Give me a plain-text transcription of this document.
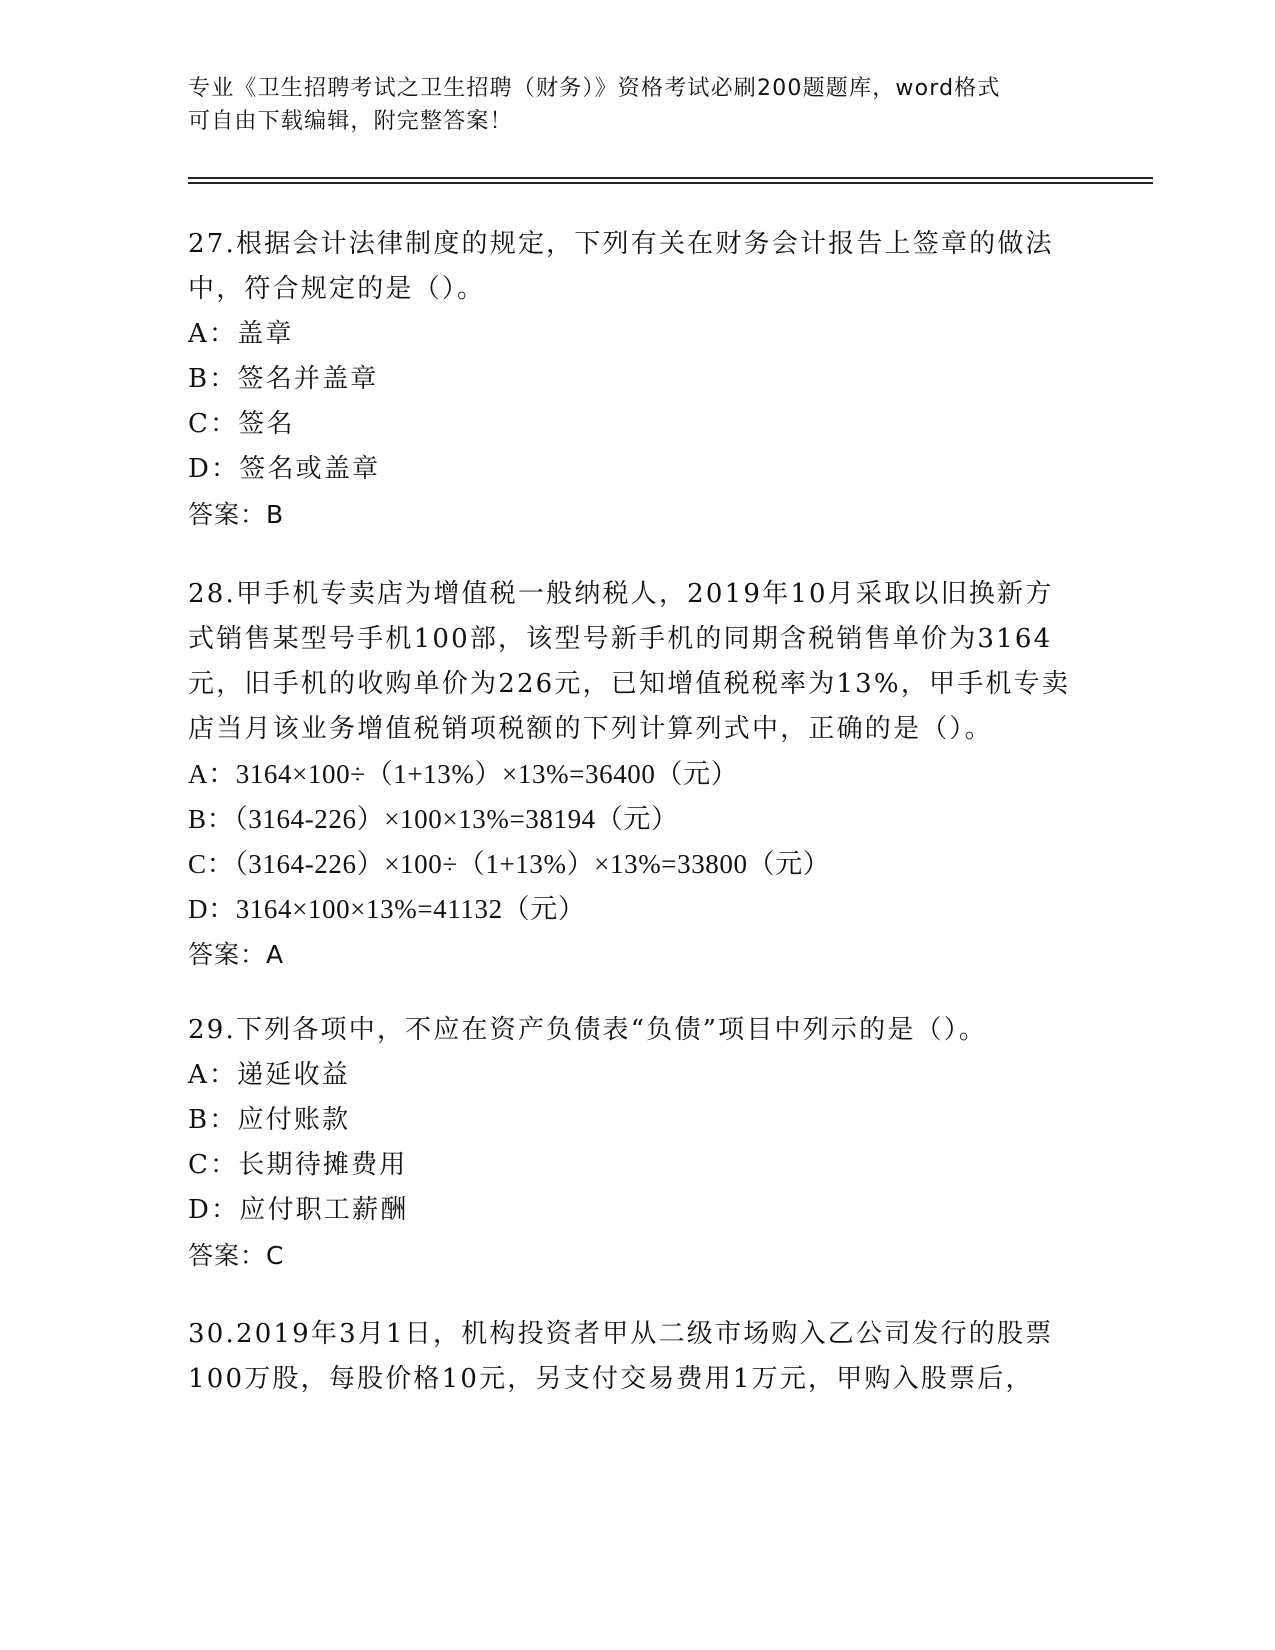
专业《卫生招聘考试之卫生招聘（财务）》资格考试必刷200题题库，word格式
可自由下载编辑，附完整答案！
27.根据会计法律制度的规定，下列有关在财务会计报告上签章的做法
中，符合规定的是（）。
A：盖章
B：签名并盖章
C：签名
D：签名或盖章
答案：B
28.甲手机专卖店为增值税一般纳税人，2019年10月采取以旧换新方
式销售某型号手机100部，该型号新手机的同期含税销售单价为3164
元，旧手机的收购单价为226元，已知增值税税率为13%，甲手机专卖
店当月该业务增值税销项税额的下列计算列式中，正确的是（）。
A：3164×100÷（1+13%）×13%=36400（元）
B：（3164-226）×100×13%=38194（元）
C：（3164-226）×100÷（1+13%）×13%=33800（元）
D：3164×100×13%=41132（元）
答案：A
29.下列各项中，不应在资产负债表“负债”项目中列示的是（）。
A：递延收益
B：应付账款
C：长期待摊费用
D：应付职工薪酬
答案：C
30.2019年3月1日，机构投资者甲从二级市场购入乙公司发行的股票
100万股，每股价格10元，另支付交易费用1万元，甲购入股票后，
